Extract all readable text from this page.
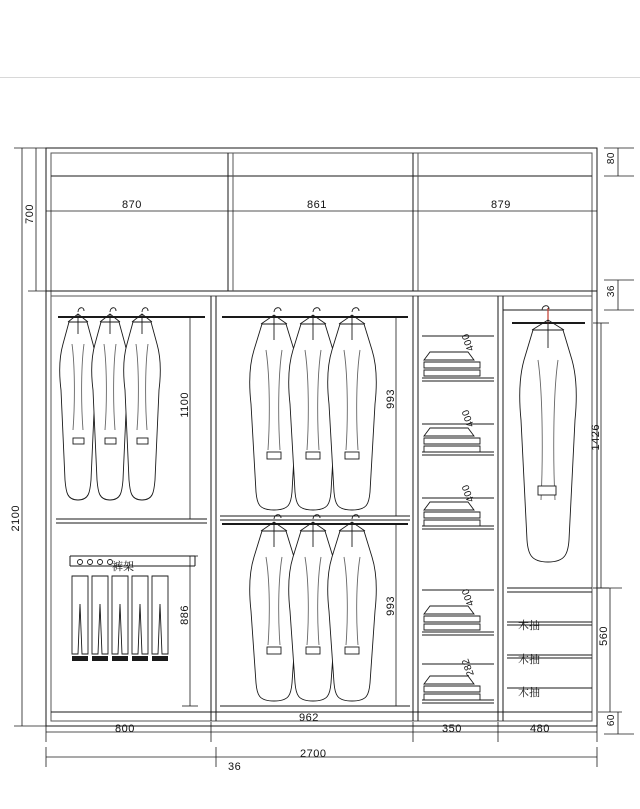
870	861	879
2100
700
80
36
560
60
1100
886
993
993
1426
800
962
350	480
36
2700
400
400
400
400
282
裤架
木抽
木抽
木抽
